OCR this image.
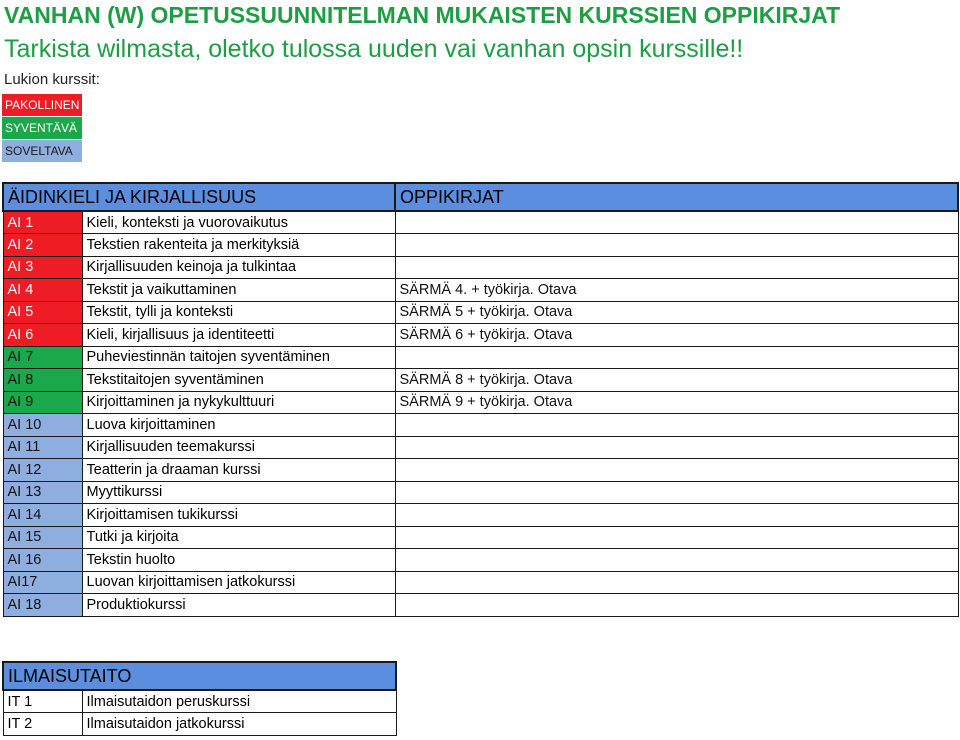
VANHAN (W) OPETUSSUUNNITELMAN MUKAISTEN KURSSIEN OPPIKIRJAT
Tarkista wilmasta, oletko tulossa uuden vai vanhan opsin kurssille!!
Lukion kurssit:
PAKOLLINEN
SYVENTÄVÄ
SOVELTAVA
ÄIDINKIELI JA KIRJALLISUUS		OPPIKIRJAT
AI 1	Kieli, konteksti ja vuorovaikutus	
AI 2	Tekstien rakenteita ja merkityksiä	
AI 3	Kirjallisuuden keinoja ja tulkintaa	
AI 4	Tekstit ja vaikuttaminen	SÄRMÄ 4. + työkirja. Otava
AI 5	Tekstit, tylli ja konteksti	SÄRMÄ 5 + työkirja. Otava
AI 6	Kieli, kirjallisuus ja identiteetti	SÄRMÄ 6 + työkirja. Otava
AI 7	Puheviestinnän taitojen syventäminen	
AI 8	Tekstitaitojen syventäminen	SÄRMÄ 8 + työkirja. Otava
AI 9	Kirjoittaminen ja nykykulttuuri	SÄRMÄ 9 + työkirja. Otava
AI 10	Luova kirjoittaminen	
AI 11	Kirjallisuuden teemakurssi	
AI 12	Teatterin ja draaman kurssi	
AI 13	Myyttikurssi	
AI 14	Kirjoittamisen tukikurssi	
AI 15	Tutki ja kirjoita	
AI 16	Tekstin huolto	
AI17	Luovan kirjoittamisen jatkokurssi	
AI 18	Produktiokurssi	
ILMAISUTAITO	
IT 1	Ilmaisutaidon peruskurssi
IT 2	Ilmaisutaidon jatkokurssi
